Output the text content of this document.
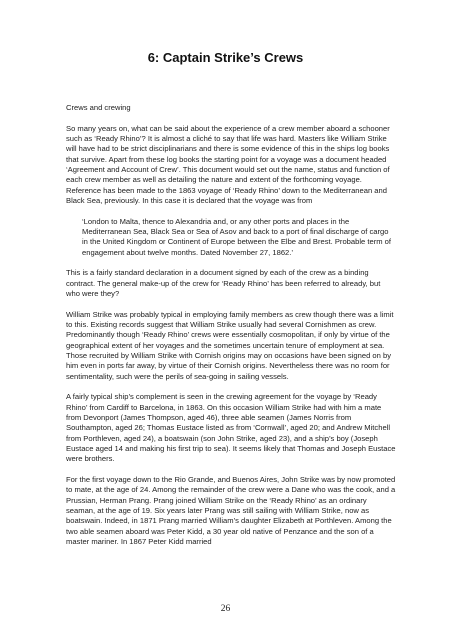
6: Captain Strike’s Crews

Crews and crewing

So many years on, what can be said about the experience of a crew member aboard a schooner such as ‘Ready Rhino’? It is almost a cliché to say that life was hard. Masters like William Strike will have had to be strict disciplinarians and there is some evidence of this in the ships log books that survive. Apart from these log books the starting point for a voyage was a document headed ‘Agreement and Account of Crew’. This document would set out the name, status and function of each crew member as well as detailing the nature and extent of the forthcoming voyage. Reference has been made to the 1863 voyage of ‘Ready Rhino’ down to the Mediterranean and Black Sea, previously. In this case it is declared that the voyage was from

‘London to Malta, thence to Alexandria and, or any other ports and places in the Mediterranean Sea, Black Sea or Sea of Asov and back to a port of final discharge of cargo in the United Kingdom or Continent of Europe between the Elbe and Brest. Probable term of engagement about twelve months. Dated November 27, 1862.’

This is a fairly standard declaration in a document signed by each of the crew as a binding contract. The general make-up of the crew for ‘Ready Rhino’ has been referred to already, but who were they?

William Strike was probably typical in employing family members as crew though there was a limit to this. Existing records suggest that William Strike usually had several Cornishmen as crew. Predominantly though ‘Ready Rhino’ crews were essentially cosmopolitan, if only by virtue of the geographical extent of her voyages and the sometimes uncertain tenure of employment at sea. Those recruited by William Strike with Cornish origins may on occasions have been signed on by him even in ports far away, by virtue of their Cornish origins. Nevertheless there was no room for sentimentality, such were the perils of sea-going in sailing vessels.

A fairly typical ship’s complement is seen in the crewing agreement for the voyage by ‘Ready Rhino’ from Cardiff to Barcelona, in 1863. On this occasion William Strike had with him a mate from Devonport (James Thompson, aged 46), three able seamen (James Norris from Southampton, aged 26; Thomas Eustace listed as from ‘Cornwall’, aged 20; and Andrew Mitchell from Porthleven, aged 24), a boatswain (son John Strike, aged 23), and a ship’s boy (Joseph Eustace aged 14 and making his first trip to sea). It seems likely that Thomas and Joseph Eustace were brothers.

For the first voyage down to the Rio Grande, and Buenos Aires, John Strike was by now promoted to mate, at the age of 24. Among the remainder of the crew were a Dane who was the cook, and a Prussian, Herman Prang. Prang joined William Strike on the ‘Ready Rhino’ as an ordinary seaman, at the age of 19. Six years later Prang was still sailing with William Strike, now as boatswain. Indeed, in 1871 Prang married William’s daughter Elizabeth at Porthleven. Among the two able seamen aboard was Peter Kidd, a 30 year old native of Penzance and the son of a master mariner. In 1867 Peter Kidd married

26
